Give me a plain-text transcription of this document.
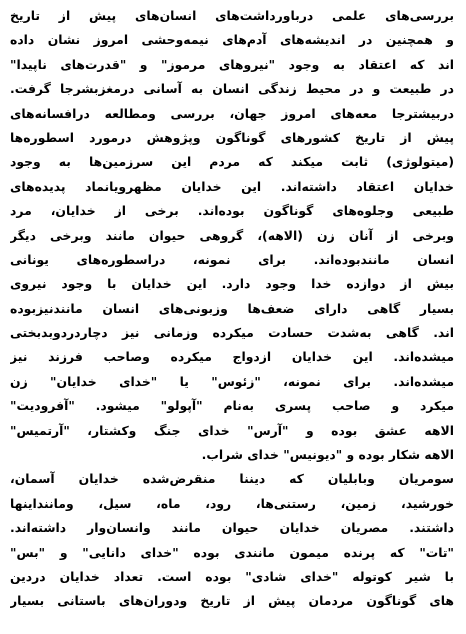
بررسی‌های علمی درباورداشت‌های انسان‌های پیش از تاریخ
و همچنین در اندیشه‌های آدم‌های نیمه‌وحشی امروز نشان داده
اند که اعتقاد به وجود "نیروهای مرموز" و "قدرت‌های ناپیدا"
در طبیعت و در محیط زندگی انسان به آسانی درمغزبشرجا گرفت.
دربیشترجا معه‌های امروز جهان، بررسی ومطالعه درافسانه‌های
پیش از تاریخ کشورهای گوناگون وپژوهش درمورد اسطوره‌ها
(میتولوژی) ثابت میکند که مردم این سرزمین‌ها به وجود
خدایان اعتقاد داشته‌اند. این خدایان مظهرویانماد پدیده‌های
طبیعی وجلوه‌های گوناگون بوده‌اند. برخی از خدایان، مرد
وبرخی از آنان زن (الاهه)، گروهی حیوان مانند وبرخی دیگر
انسان مانندبوده‌اند. برای نمونه، دراسطوره‌های یونانی
بیش از دوازده خدا وجود دارد. این خدایان با وجود نیروی
بسیار گاهی دارای ضعف‌ها وزبونی‌های انسان مانندنیزبوده
اند. گاهی به‌شدت حسادت میکرده وزمانی نیز دچاردردوبدبختی
میشده‌اند. این خدایان ازدواج میکرده وصاحب فرزند نیز
میشده‌اند. برای نمونه، "زئوس" یا "خدای خدایان" زن
میکرد و صاحب پسری به‌نام "آپولو" میشود. "آفرودیت"
الاهه عشق بوده و "آرس" خدای جنگ وکشتار، "آرتمیس"
الاهه شکار بوده و "دیونیس" خدای شراب.
سومریان وبابلیان که دیننا منقرض‌شده خدایان آسمان،
خورشید، زمین، رستنی‌ها، رود، ماه، سیل، وماننداینها
داشتند. مصریان خدایان حیوان مانند وانسان‌وار داشته‌اند.
"تات" که پرنده میمون مانندی بوده "خدای دانایی" و "بس"
با شیر کوتوله "خدای شادی" بوده است. تعداد خدایان دردین
های گوناگون مردمان پیش از تاریخ ودوران‌های باستانی بسیار
